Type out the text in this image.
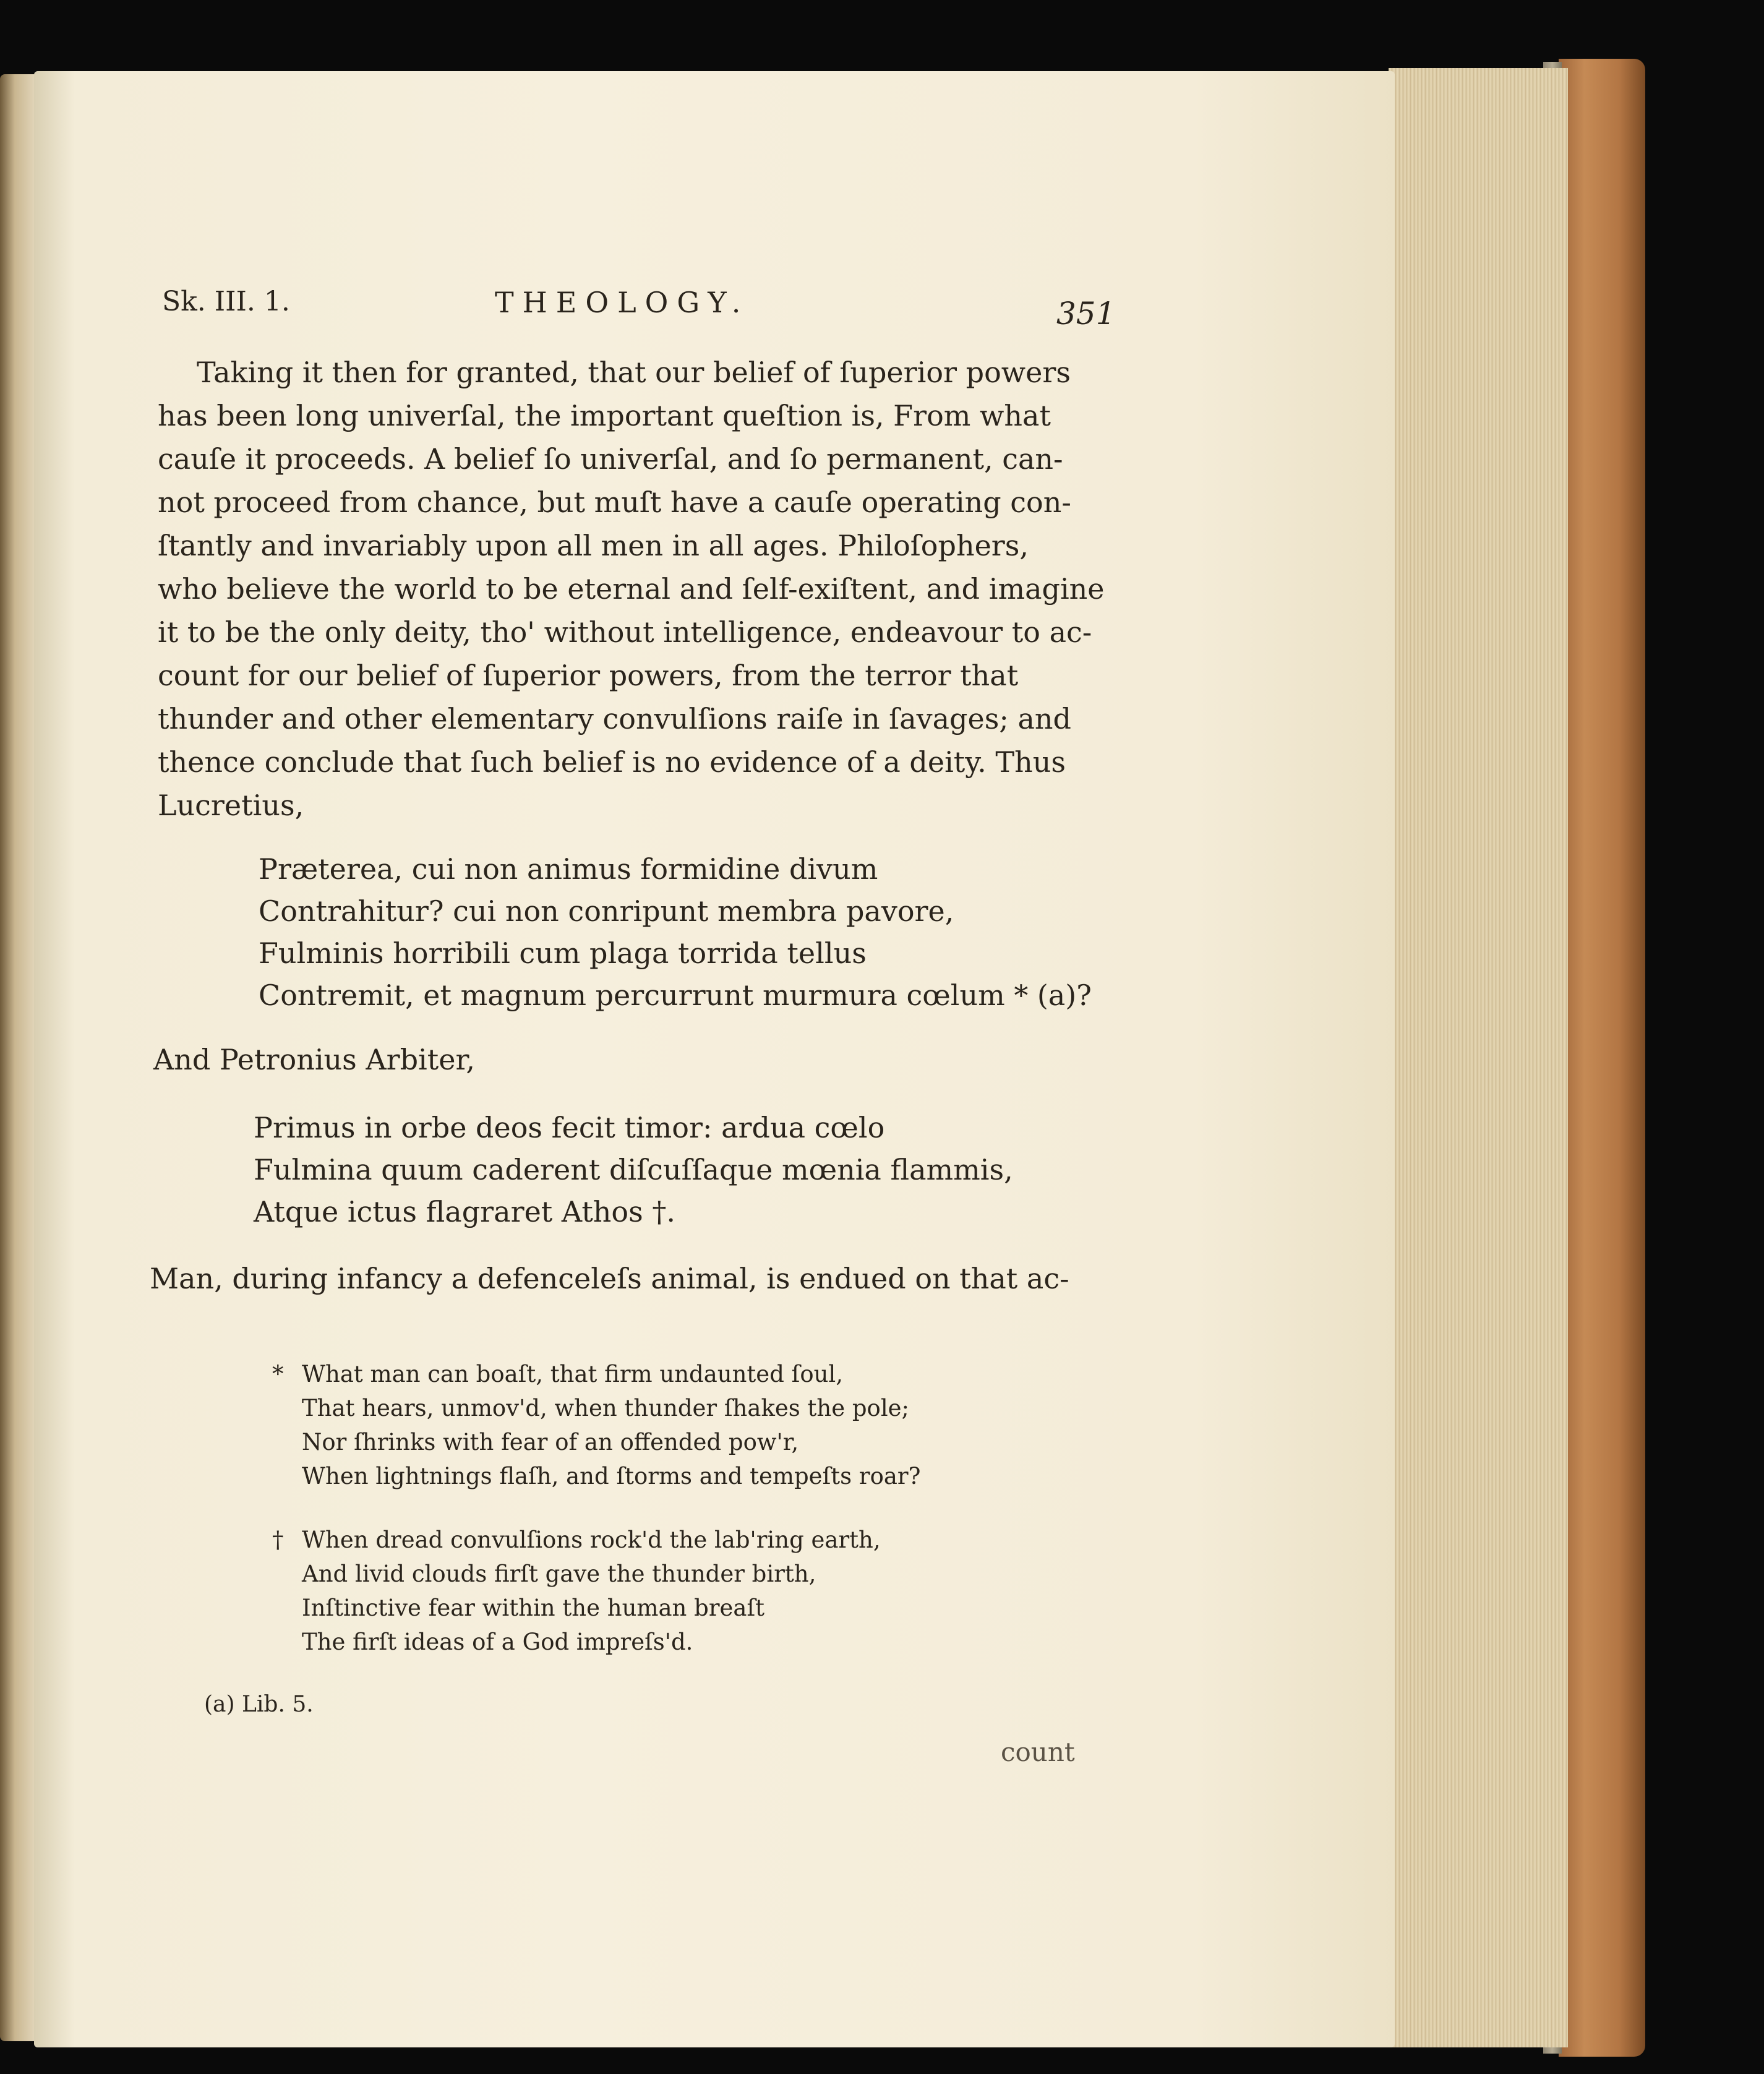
Sk. III. 1.	THEOLOGY.	351
Taking it then for granted, that our belief of ſuperior powers
has been long univerſal, the important queſtion is, From what
cauſe it proceeds. A belief ſo univerſal, and ſo permanent, can-
not proceed from chance, but muſt have a cauſe operating con-
ſtantly and invariably upon all men in all ages. Philoſophers,
who believe the world to be eternal and ſelf-exiſtent, and imagine
it to be the only deity, tho' without intelligence, endeavour to ac-
count for our belief of ſuperior powers, from the terror that
thunder and other elementary convulſions raiſe in ſavages; and
thence conclude that ſuch belief is no evidence of a deity. Thus
Lucretius,
Præterea, cui non animus formidine divum
Contrahitur? cui non conripunt membra pavore,
Fulminis horribili cum plaga torrida tellus
Contremit, et magnum percurrunt murmura cœlum * (a)?
And Petronius Arbiter,
Primus in orbe deos fecit timor: ardua cœlo
Fulmina quum caderent diſcuſſaque mœnia flammis,
Atque ictus flagraret Athos †.
Man, during infancy a defenceleſs animal, is endued on that ac-
* What man can boaſt, that firm undaunted ſoul,
That hears, unmov'd, when thunder ſhakes the pole;
Nor ſhrinks with fear of an offended pow'r,
When lightnings flaſh, and ſtorms and tempeſts roar?
† When dread convulſions rock'd the lab'ring earth,
And livid clouds firſt gave the thunder birth,
Inſtinctive fear within the human breaſt
The firſt ideas of a God impreſs'd.
(a) Lib. 5.
count
